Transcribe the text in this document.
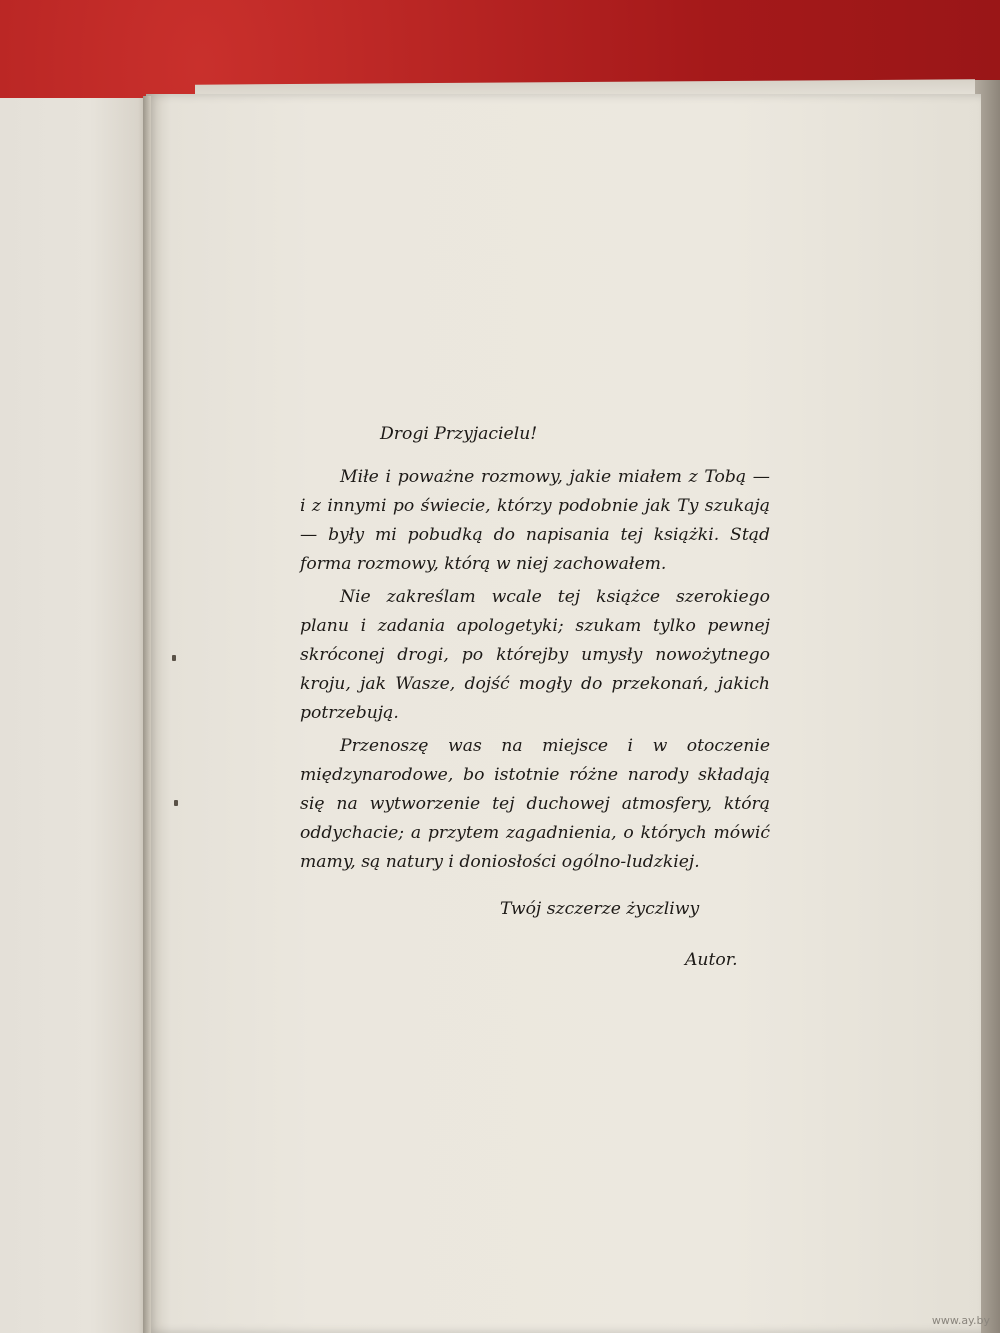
Drogi Przyjacielu!

Miłe i poważne rozmowy, jakie miałem z Tobą — i z innymi po świecie, którzy podobnie jak Ty szukają — były mi pobudką do napisania tej książki. Stąd forma rozmowy, którą w niej zachowałem.

Nie zakreślam wcale tej książce szerokiego planu i zadania apologetyki; szukam tylko pewnej skróconej drogi, po którejby umysły nowożytnego kroju, jak Wasze, dojść mogły do przekonań, jakich potrzebują.

Przenoszę was na miejsce i w otoczenie międzynarodowe, bo istotnie różne narody składają się na wytworzenie tej duchowej atmosfery, którą oddychacie; a przytem zagadnienia, o których mówić mamy, są natury i doniosłości ogólno-ludzkiej.

Twój szczerze życzliwy

Autor.

www.ay.by
